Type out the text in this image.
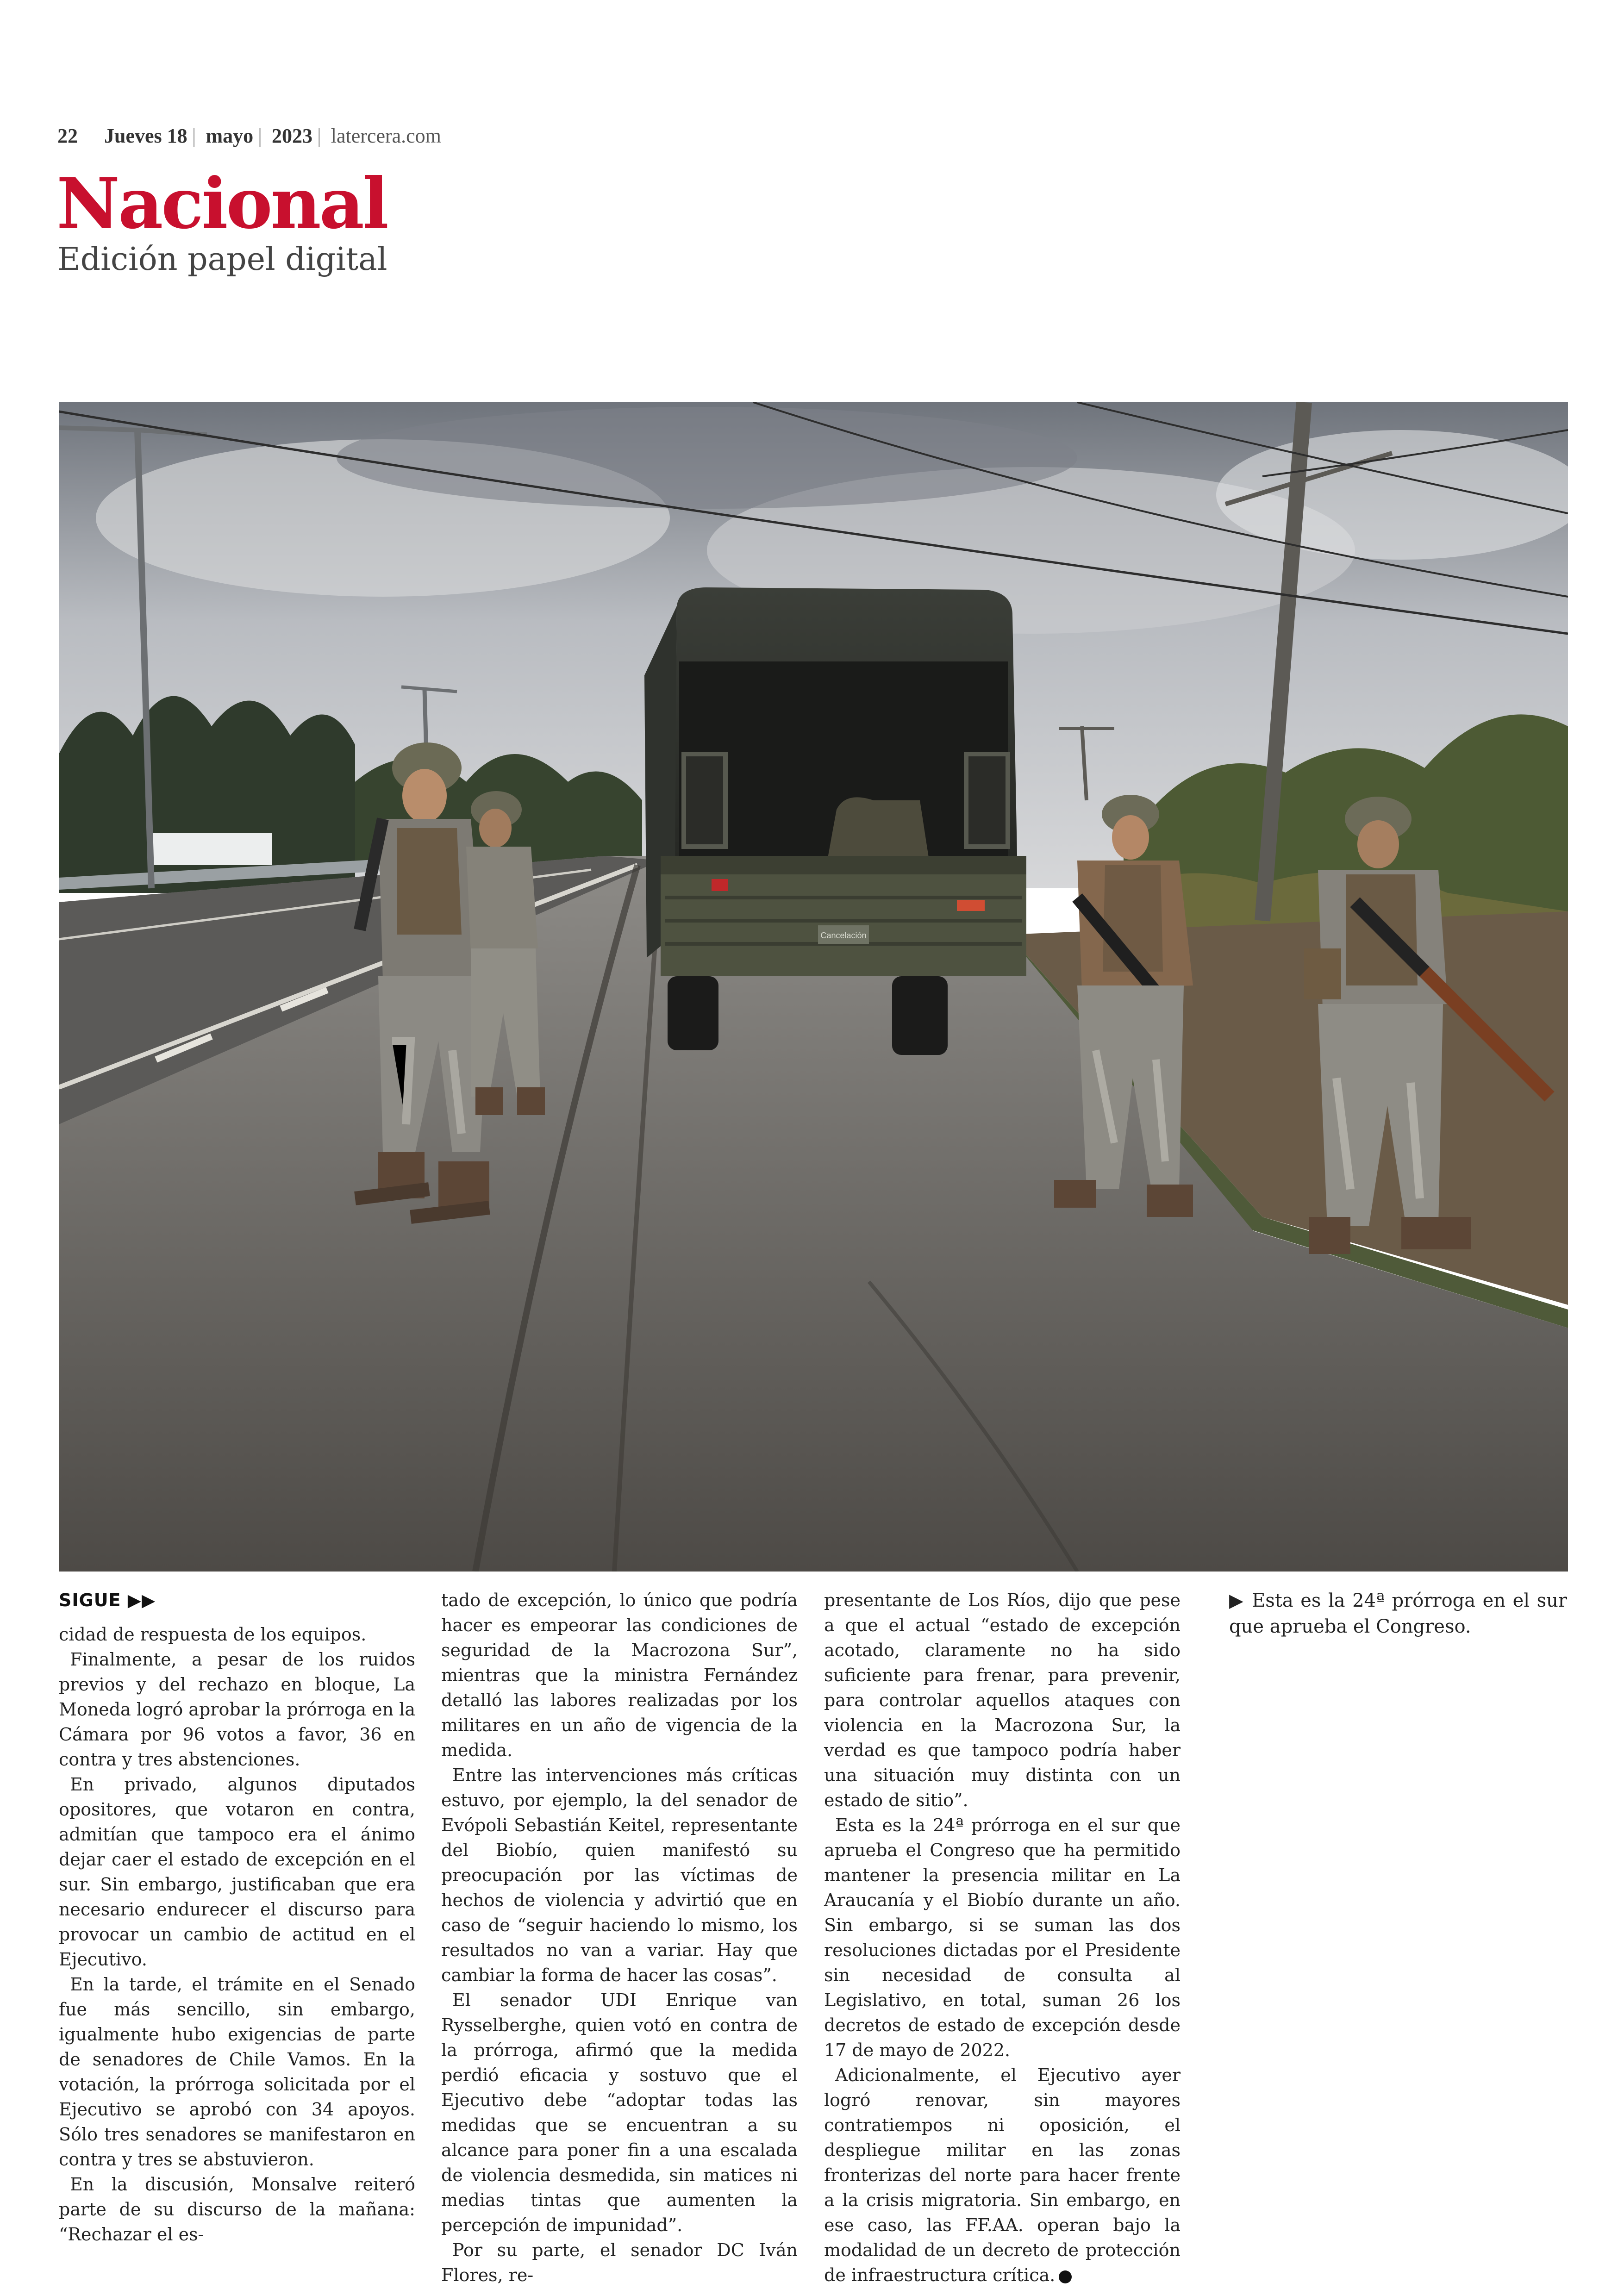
22 Jueves 18 | mayo | 2023 | latercera.com
Nacional
Edición papel digital
Cancelación
SIGUE ▶▶

cidad de respuesta de los equipos.

Finalmente, a pesar de los ruidos previos y del rechazo en bloque, La Moneda logró aprobar la prórroga en la Cámara por 96 votos a favor, 36 en contra y tres abstenciones.

En privado, algunos diputados opositores, que votaron en contra, admitían que tampoco era el ánimo dejar caer el estado de excepción en el sur. Sin embargo, justificaban que era necesario endurecer el discurso para provocar un cambio de actitud en el Ejecutivo.

En la tarde, el trámite en el Senado fue más sencillo, sin embargo, igualmente hubo exigencias de parte de senadores de Chile Vamos. En la votación, la prórroga solicitada por el Ejecutivo se aprobó con 34 apoyos. Sólo tres senadores se manifestaron en contra y tres se abstuvieron.

En la discusión, Monsalve reiteró parte de su discurso de la mañana: “Rechazar el es-

tado de excepción, lo único que podría hacer es empeorar las condiciones de seguridad de la Macrozona Sur”, mientras que la ministra Fernández detalló las labores realizadas por los militares en un año de vigencia de la medida.

Entre las intervenciones más críticas estuvo, por ejemplo, la del senador de Evópoli Sebastián Keitel, representante del Biobío, quien manifestó su preocupación por las víctimas de hechos de violencia y advirtió que en caso de “seguir haciendo lo mismo, los resultados no van a variar. Hay que cambiar la forma de hacer las cosas”.

El senador UDI Enrique van Rysselberghe, quien votó en contra de la prórroga, afirmó que la medida perdió eficacia y sostuvo que el Ejecutivo debe “adoptar todas las medidas que se encuentran a su alcance para poner fin a una escalada de violencia desmedida, sin matices ni medias tintas que aumenten la percepción de impunidad”.

Por su parte, el senador DC Iván Flores, re-

presentante de Los Ríos, dijo que pese a que el actual “estado de excepción acotado, claramente no ha sido suficiente para frenar, para prevenir, para controlar aquellos ataques con violencia en la Macrozona Sur, la verdad es que tampoco podría haber una situación muy distinta con un estado de sitio”.

Esta es la 24ª prórroga en el sur que aprueba el Congreso que ha permitido mantener la presencia militar en La Araucanía y el Biobío durante un año. Sin embargo, si se suman las dos resoluciones dictadas por el Presidente sin necesidad de consulta al Legislativo, en total, suman 26 los decretos de estado de excepción desde 17 de mayo de 2022.

Adicionalmente, el Ejecutivo ayer logró renovar, sin mayores contratiempos ni oposición, el despliegue militar en las zonas fronterizas del norte para hacer frente a la crisis migratoria. Sin embargo, en ese caso, las FF.AA. operan bajo la modalidad de un decreto de protección de infraestructura crítica.

▶ Esta es la 24ª prórroga en el sur que aprueba el Congreso.
